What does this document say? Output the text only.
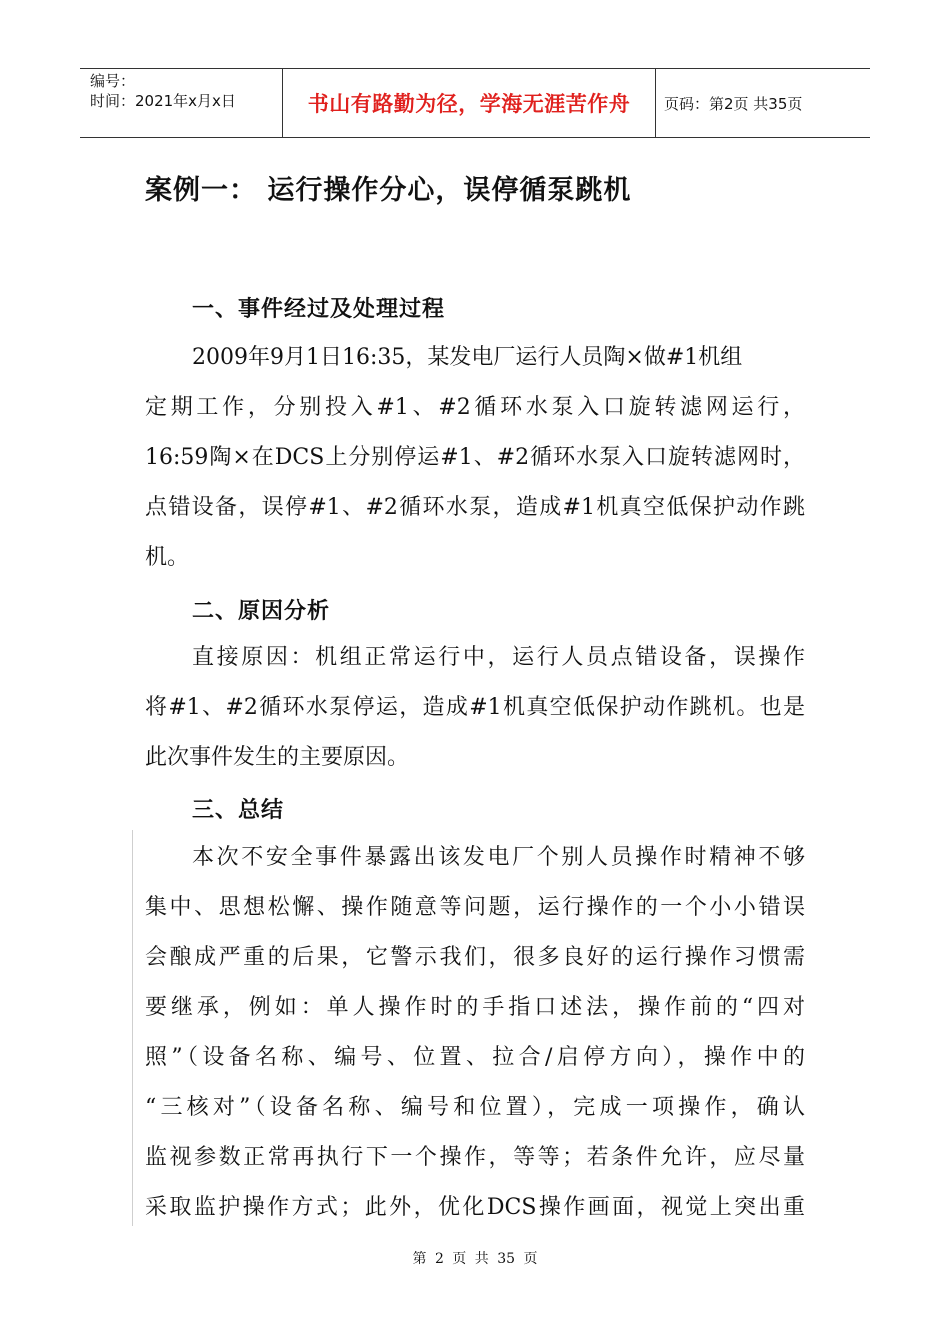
编号：
时间：2021年x月x日	书山有路勤为径，学海无涯苦作舟	页码：第2页 共35页
案例一： 运行操作分心，误停循泵跳机
一、事件经过及处理过程
2009年9月1日16:35，某发电厂运行人员陶×做#1机组
定期工作，分别投入#1、#2循环水泵入口旋转滤网运行，
16:59陶×在DCS上分别停运#1、#2循环水泵入口旋转滤网时，
点错设备，误停#1、#2循环水泵，造成#1机真空低保护动作跳
机。
二、原因分析
直接原因：机组正常运行中，运行人员点错设备，误操作
将#1、#2循环水泵停运，造成#1机真空低保护动作跳机。也是
此次事件发生的主要原因。
三、总结
本次不安全事件暴露出该发电厂个别人员操作时精神不够
集中、思想松懈、操作随意等问题，运行操作的一个小小错误
会酿成严重的后果，它警示我们，很多良好的运行操作习惯需
要继承，例如：单人操作时的手指口述法，操作前的“四对
照”（设备名称、编号、位置、拉合/启停方向），操作中的
“三核对”（设备名称、编号和位置），完成一项操作，确认
监视参数正常再执行下一个操作，等等；若条件允许，应尽量
采取监护操作方式；此外，优化DCS操作画面，视觉上突出重
第 2 页 共 35 页
